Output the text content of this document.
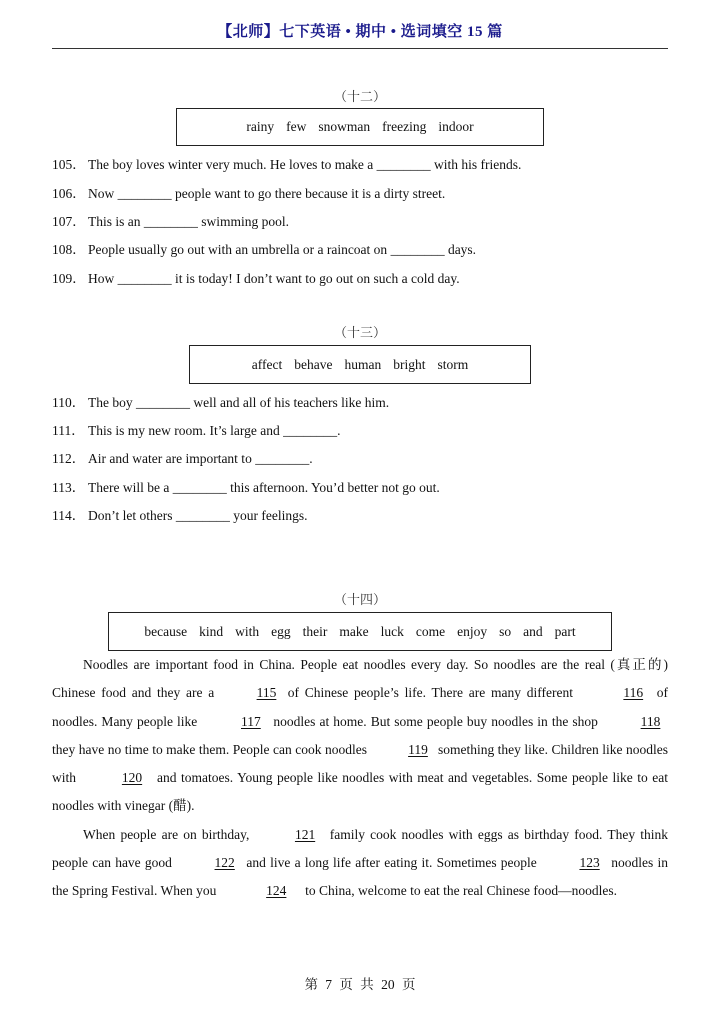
【北师】七下英语 • 期中 • 选词填空 15 篇
（十二）
rainy few snowman freezing indoor
105． The boy loves winter very much. He loves to make a ________ with his friends.
106． Now ________ people want to go there because it is a dirty street.
107． This is an ________ swimming pool.
108． People usually go out with an umbrella or a raincoat on ________ days.
109． How ________ it is today! I don’t want to go out on such a cold day.
（十三）
affect behave human bright storm
110． The boy ________ well and all of his teachers like him.
111． This is my new room. It’s large and ________.
112． Air and water are important to ________.
113． There will be a ________ this afternoon. You’d better not go out.
114． Don’t let others ________ your feelings.
（十四）
because kind with egg their make luck come enjoy so and part

Noodles are important food in China. People eat noodles every day. So noodles are the real (真正的) Chinese food and they are a	115 of Chinese people’s life. There are many different	116 of noodles. Many people like	117 noodles at home. But some people buy noodles in the shop	118 they have no time to make them. People can cook noodles	119 something they like. Children like noodles with	120 and tomatoes. Young people like noodles with meat and vegetables. Some people like to eat noodles with vinegar (醋).

When people are on birthday,	121 family cook noodles with eggs as birthday food. They think people can have good	122 and live a long life after eating it. Sometimes people	123 noodles in the Spring Festival. When you	124 to China, welcome to eat the real Chinese food—noodles.

第 7 页 共 20 页
